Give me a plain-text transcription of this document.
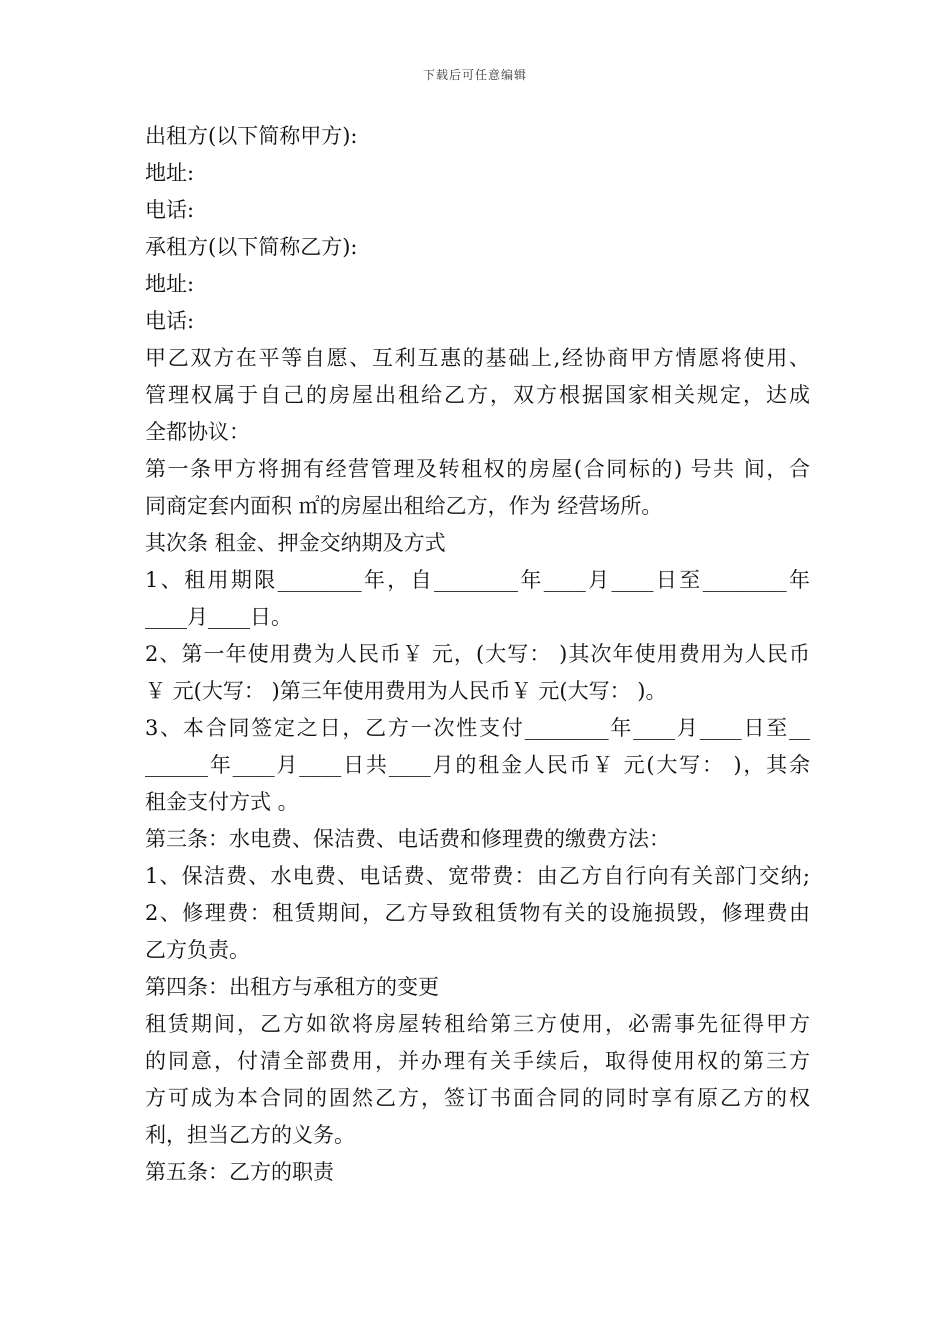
下载后可任意编辑
出租方(以下简称甲方):
地址:
电话:
承租方(以下简称乙方):
地址:
电话:
甲乙双方在平等自愿、互利互惠的基础上,经协商甲方情愿将使用、
管理权属于自己的房屋出租给乙方，双方根据国家相关规定，达成
全都协议：
第一条甲方将拥有经营管理及转租权的房屋(合同标的) 号共 间，合
同商定套内面积 ㎡的房屋出租给乙方，作为 经营场所。
其次条 租金、押金交纳期及方式
1、租用期限________年，自________年____月____日至________年
____月____日。
2、第一年使用费为人民币￥ 元，(大写： )其次年使用费用为人民币
￥ 元(大写： )第三年使用费用为人民币￥ 元(大写： )。
3、本合同签定之日，乙方一次性支付________年____月____日至__
______年____月____日共____月的租金人民币￥ 元(大写： )，其余
租金支付方式 。
第三条：水电费、保洁费、电话费和修理费的缴费方法：
1、保洁费、水电费、电话费、宽带费：由乙方自行向有关部门交纳;
2、修理费：租赁期间，乙方导致租赁物有关的设施损毁，修理费由
乙方负责。
第四条：出租方与承租方的变更
租赁期间，乙方如欲将房屋转租给第三方使用，必需事先征得甲方
的同意，付清全部费用，并办理有关手续后，取得使用权的第三方
方可成为本合同的固然乙方，签订书面合同的同时享有原乙方的权
利，担当乙方的义务。
第五条：乙方的职责
